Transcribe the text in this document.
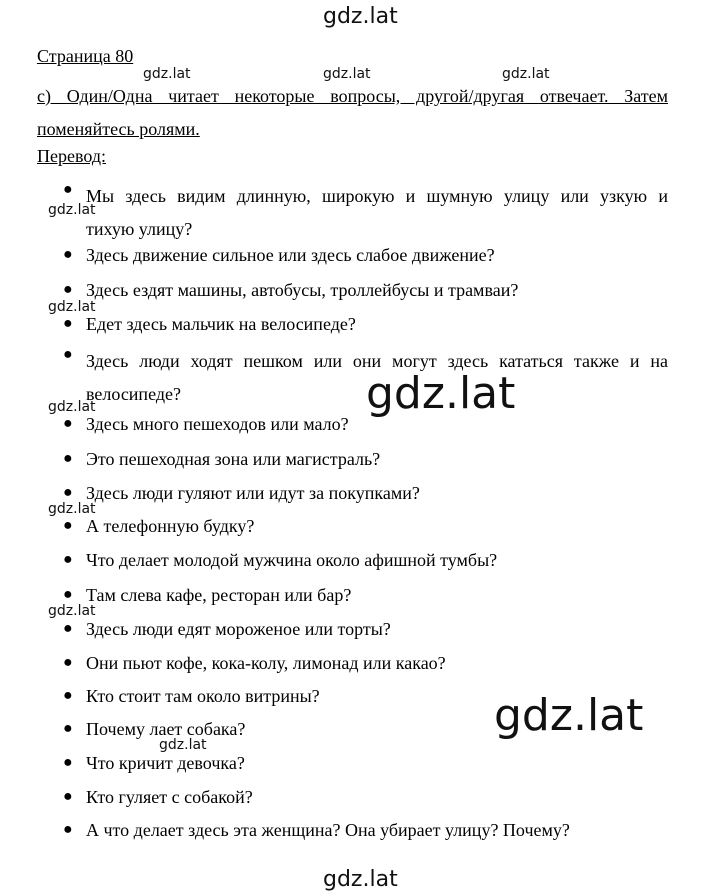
gdz.lat
gdz.lat	gdz.lat	gdz.lat
gdz.lat
gdz.lat
gdz.lat
gdz.lat
gdz.lat
gdz.lat
gdz.lat
gdz.lat
gdz.lat
Страница 80
c) Один/Одна читает некоторые вопросы, другой/другая отвечает. Затем
поменяйтесь ролями.
Перевод:
● Мы здесь видим длинную, широкую и шумную улицу или узкую и
тихую улицу?
● Здесь движение сильное или здесь слабое движение?
● Здесь ездят машины, автобусы, троллейбусы и трамваи?
● Едет здесь мальчик на велосипеде?
● Здесь люди ходят пешком или они могут здесь кататься также и на
велосипеде?
● Здесь много пешеходов или мало?
● Это пешеходная зона или магистраль?
● Здесь люди гуляют или идут за покупками?
● А телефонную будку?
● Что делает молодой мужчина около афишной тумбы?
● Там слева кафе, ресторан или бар?
● Здесь люди едят мороженое или торты?
● Они пьют кофе, кока-колу, лимонад или какао?
● Кто стоит там около витрины?
● Почему лает собака?
● Что кричит девочка?
● Кто гуляет с собакой?
● А что делает здесь эта женщина? Она убирает улицу? Почему?
